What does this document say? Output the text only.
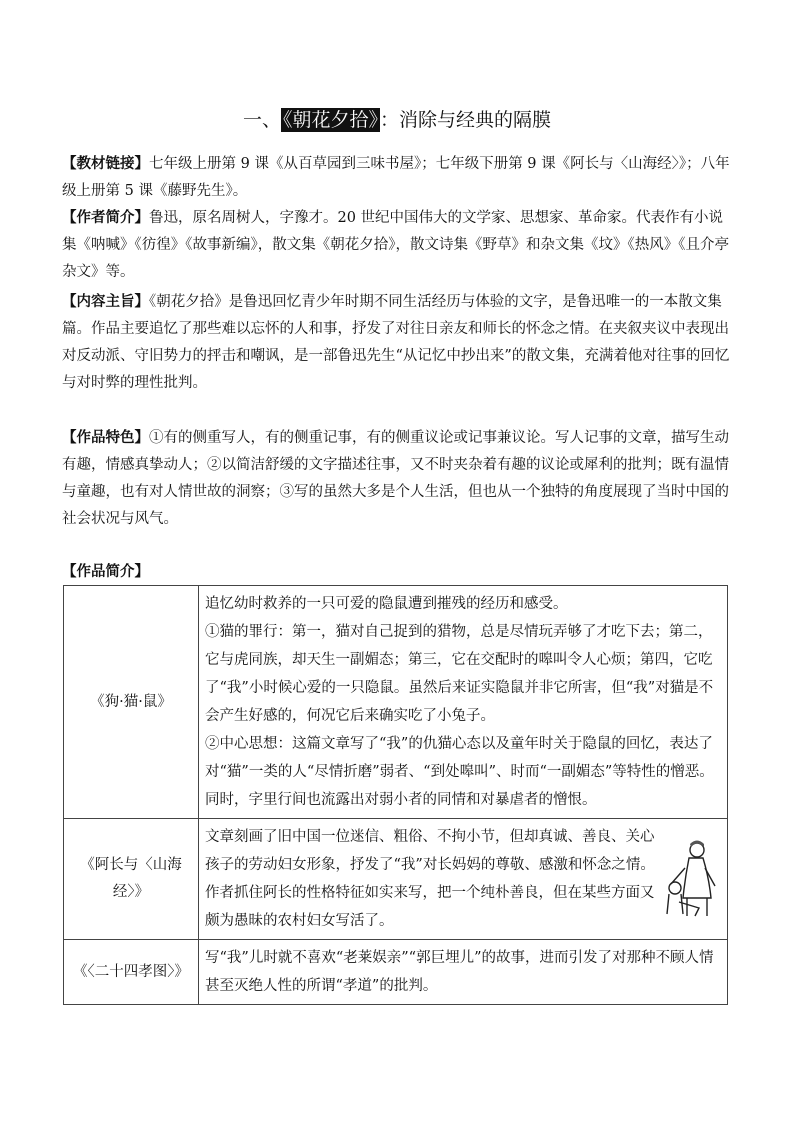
一、 《朝花夕拾》 ：消除与经典的隔膜
【教材链接】七年级上册第 9 课《从百草园到三味书屋》；七年级下册第 9 课《阿长与〈山海经〉》；八年级上册第 5 课《藤野先生》。
【作者简介】鲁迅，原名周树人，字豫才。20 世纪中国伟大的文学家、思想家、革命家。代表作有小说集《呐喊》《彷徨》《故事新编》，散文集《朝花夕拾》，散文诗集《野草》和杂文集《坟》《热风》《且介亭杂文》等。
【内容主旨】《朝花夕拾》是鲁迅回忆青少年时期不同生活经历与体验的文字，是鲁迅唯一的一本散文集篇。作品主要追忆了那些难以忘怀的人和事，抒发了对往日亲友和师长的怀念之情。在夹叙夹议中表现出对反动派、守旧势力的抨击和嘲讽，是一部鲁迅先生“从记忆中抄出来”的散文集，充满着他对往事的回忆与对时弊的理性批判。
【作品特色】①有的侧重写人，有的侧重记事，有的侧重议论或记事兼议论。写人记事的文章，描写生动有趣，情感真挚动人；②以简洁舒缓的文字描述往事，又不时夹杂着有趣的议论或犀利的批判；既有温情与童趣，也有对人情世故的洞察；③写的虽然大多是个人生活，但也从一个独特的角度展现了当时中国的社会状况与风气。
【作品简介】
《狗·猫·鼠》	追忆幼时救养的一只可爱的隐鼠遭到摧残的经历和感受。

①猫的罪行：第一，猫对自己捉到的猎物，总是尽情玩弄够了才吃下去；第二，它与虎同族，却天生一副媚态；第三，它在交配时的嗥叫令人心烦；第四，它吃了“我”小时候心爱的一只隐鼠。虽然后来证实隐鼠并非它所害，但“我”对猫是不会产生好感的，何况它后来确实吃了小兔子。

②中心思想：这篇文章写了“我”的仇猫心态以及童年时关于隐鼠的回忆，表达了对“猫”一类的人“尽情折磨”弱者、“到处嗥叫”、时而“一副媚态”等特性的憎恶。同时，字里行间也流露出对弱小者的同情和对暴虐者的憎恨。

《阿长与〈山海经〉》	文章刻画了旧中国一位迷信、粗俗、不拘小节，但却真诚、善良、关心孩子的劳动妇女形象，抒发了“我”对长妈妈的尊敬、感激和怀念之情。作者抓住阿长的性格特征如实来写，把一个纯朴善良，但在某些方面又颇为愚昧的农村妇女写活了。

《〈二十四孝图〉》	写“我”儿时就不喜欢“老莱娱亲”“郭巨埋儿”的故事，进而引发了对那种不顾人情甚至灭绝人性的所谓“孝道”的批判。
